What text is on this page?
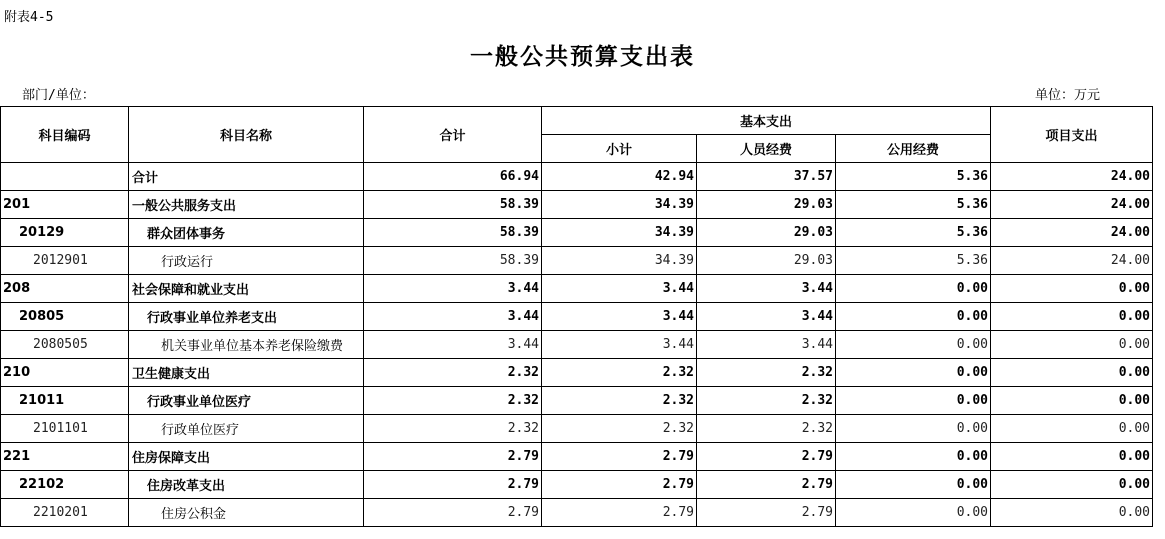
附表4-5
一般公共预算支出表
部门/单位：	单位：万元
科目编码	科目名称	合计	基本支出			项目支出
			小计	人员经费	公用经费	
	合计	66.94	42.94	37.57	5.36	24.00
201	一般公共服务支出	58.39	34.39	29.03	5.36	24.00
20129	群众团体事务	58.39	34.39	29.03	5.36	24.00
2012901	行政运行	58.39	34.39	29.03	5.36	24.00
208	社会保障和就业支出	3.44	3.44	3.44	0.00	0.00
20805	行政事业单位养老支出	3.44	3.44	3.44	0.00	0.00
2080505	机关事业单位基本养老保险缴费	3.44	3.44	3.44	0.00	0.00
210	卫生健康支出	2.32	2.32	2.32	0.00	0.00
21011	行政事业单位医疗	2.32	2.32	2.32	0.00	0.00
2101101	行政单位医疗	2.32	2.32	2.32	0.00	0.00
221	住房保障支出	2.79	2.79	2.79	0.00	0.00
22102	住房改革支出	2.79	2.79	2.79	0.00	0.00
2210201	住房公积金	2.79	2.79	2.79	0.00	0.00
